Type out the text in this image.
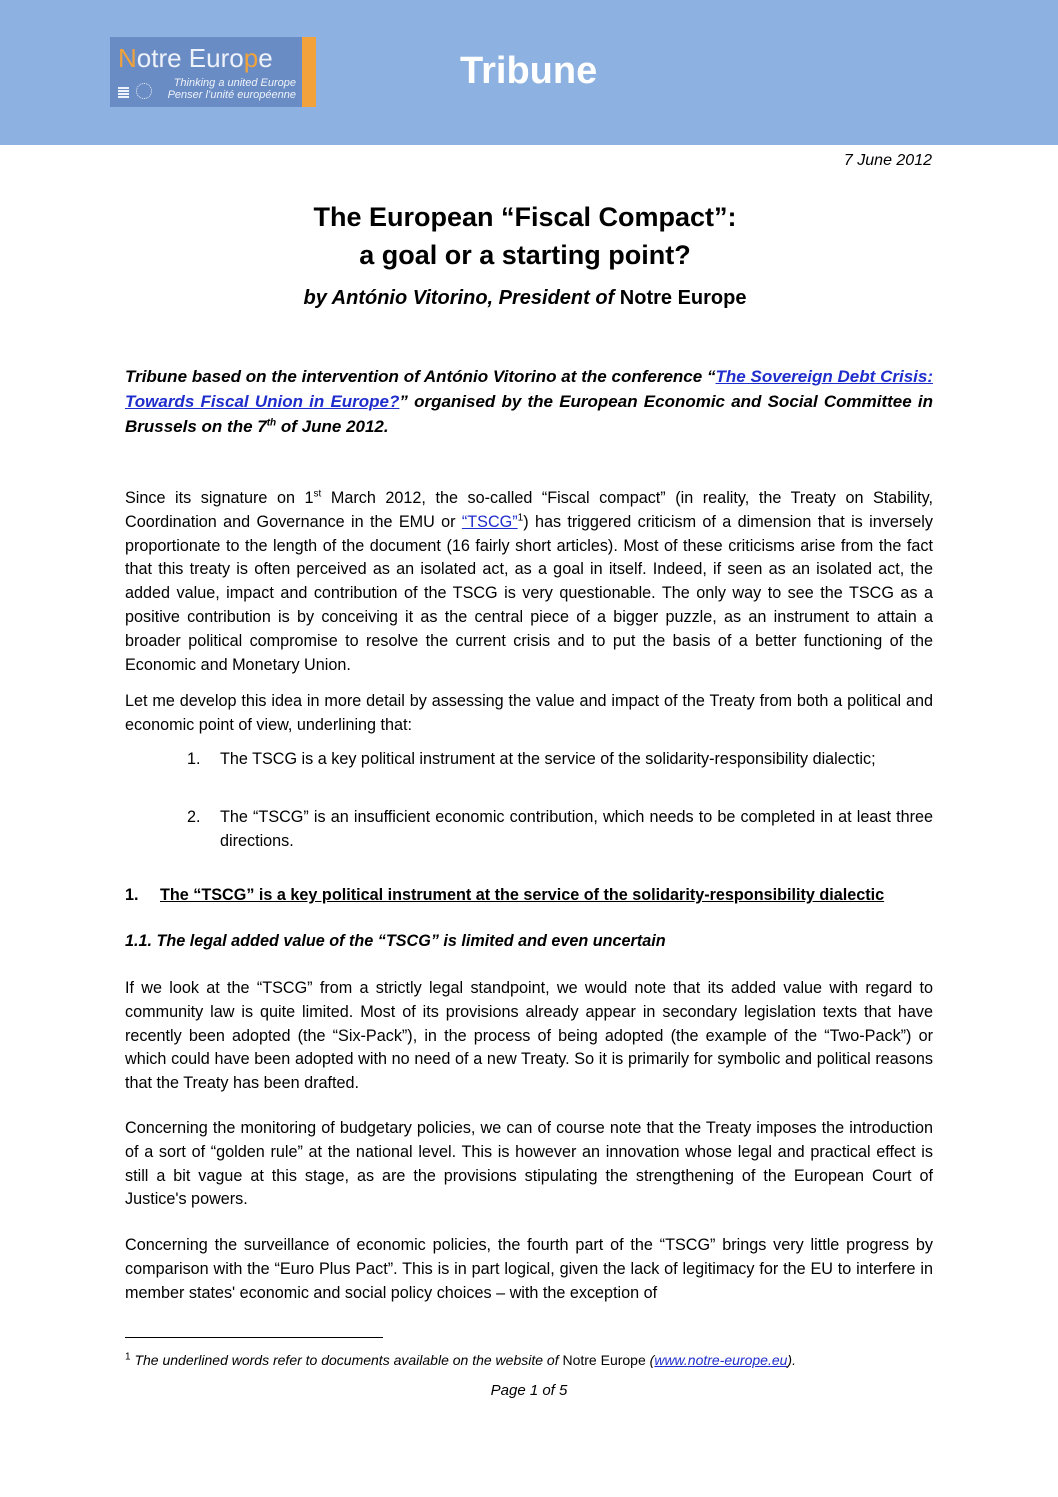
Notre Europe
Thinking a united Europe
Penser l’unité européenne
Tribune
7 June 2012
The European “Fiscal Compact”:
a goal or a starting point?
by António Vitorino, President of Notre Europe
Tribune based on the intervention of António Vitorino at the conference “The Sovereign Debt Crisis: Towards Fiscal Union in Europe?” organised by the European Economic and Social Committee in Brussels on the 7th of June 2012.
Since its signature on 1st March 2012, the so-called “Fiscal compact” (in reality, the Treaty on Stability, Coordination and Governance in the EMU or “TSCG”$^1$) has triggered criticism of a dimension that is inversely proportionate to the length of the document (16 fairly short articles). Most of these criticisms arise from the fact that this treaty is often perceived as an isolated act, as a goal in itself. Indeed, if seen as an isolated act, the added value, impact and contribution of the TSCG is very questionable. The only way to see the TSCG as a positive contribution is by conceiving it as the central piece of a bigger puzzle, as an instrument to attain a broader political compromise to resolve the current crisis and to put the basis of a better functioning of the Economic and Monetary Union.
Let me develop this idea in more detail by assessing the value and impact of the Treaty from both a political and economic point of view, underlining that:
1. The TSCG is a key political instrument at the service of the solidarity-responsibility dialectic;
2. The “TSCG” is an insufficient economic contribution, which needs to be completed in at least three directions.
1. The “TSCG” is a key political instrument at the service of the solidarity-responsibility dialectic
1.1. The legal added value of the “TSCG” is limited and even uncertain
If we look at the “TSCG” from a strictly legal standpoint, we would note that its added value with regard to community law is quite limited. Most of its provisions already appear in secondary legislation texts that have recently been adopted (the “Six-Pack”), in the process of being adopted (the example of the “Two-Pack”) or which could have been adopted with no need of a new Treaty. So it is primarily for symbolic and political reasons that the Treaty has been drafted.
Concerning the monitoring of budgetary policies, we can of course note that the Treaty imposes the introduction of a sort of “golden rule” at the national level. This is however an innovation whose legal and practical effect is still a bit vague at this stage, as are the provisions stipulating the strengthening of the European Court of Justice's powers.
Concerning the surveillance of economic policies, the fourth part of the “TSCG” brings very little progress by comparison with the “Euro Plus Pact”. This is in part logical, given the lack of legitimacy for the EU to interfere in member states' economic and social policy choices – with the exception of
$^1$ The underlined words refer to documents available on the website of Notre Europe (www.notre-europe.eu).
Page 1 of 5
